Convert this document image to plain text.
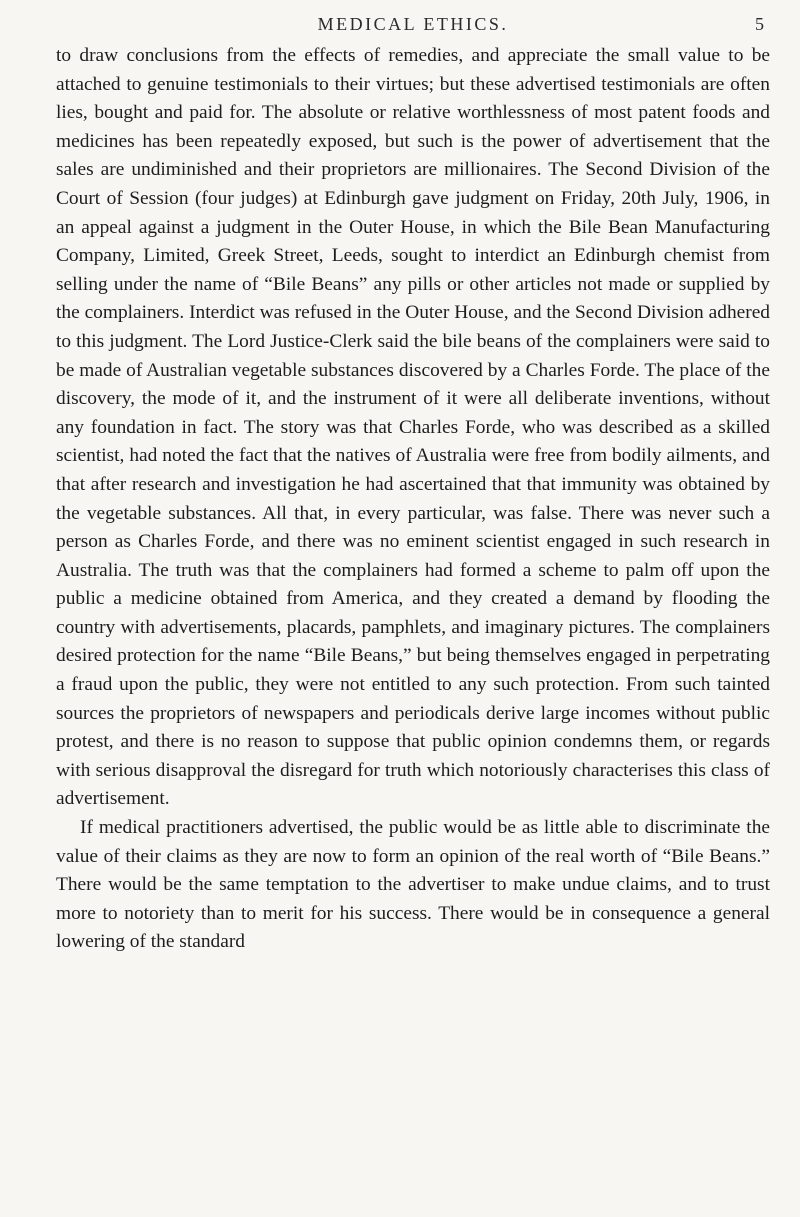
MEDICAL ETHICS.	5

to draw conclusions from the effects of remedies, and appreciate the small value to be attached to genuine testimonials to their virtues; but these advertised testimonials are often lies, bought and paid for. The absolute or relative worthlessness of most patent foods and medicines has been repeatedly exposed, but such is the power of advertisement that the sales are undiminished and their proprietors are millionaires. The Second Division of the Court of Session (four judges) at Edinburgh gave judgment on Friday, 20th July, 1906, in an appeal against a judgment in the Outer House, in which the Bile Bean Manufacturing Company, Limited, Greek Street, Leeds, sought to interdict an Edinburgh chemist from selling under the name of “Bile Beans” any pills or other articles not made or supplied by the complainers. Interdict was refused in the Outer House, and the Second Division adhered to this judgment. The Lord Justice-Clerk said the bile beans of the complainers were said to be made of Australian vegetable substances discovered by a Charles Forde. The place of the discovery, the mode of it, and the instrument of it were all deliberate inventions, without any foundation in fact. The story was that Charles Forde, who was described as a skilled scientist, had noted the fact that the natives of Australia were free from bodily ailments, and that after research and investigation he had ascertained that that immunity was obtained by the vegetable substances. All that, in every particular, was false. There was never such a person as Charles Forde, and there was no eminent scientist engaged in such research in Australia. The truth was that the complainers had formed a scheme to palm off upon the public a medicine obtained from America, and they created a demand by flooding the country with advertisements, placards, pamphlets, and imaginary pictures. The complainers desired protection for the name “Bile Beans,” but being themselves engaged in perpetrating a fraud upon the public, they were not entitled to any such protection. From such tainted sources the proprietors of newspapers and periodicals derive large incomes without public protest, and there is no reason to suppose that public opinion condemns them, or regards with serious disapproval the disregard for truth which notoriously characterises this class of advertisement.

If medical practitioners advertised, the public would be as little able to discriminate the value of their claims as they are now to form an opinion of the real worth of “Bile Beans.” There would be the same temptation to the advertiser to make undue claims, and to trust more to notoriety than to merit for his success. There would be in consequence a general lowering of the standard
